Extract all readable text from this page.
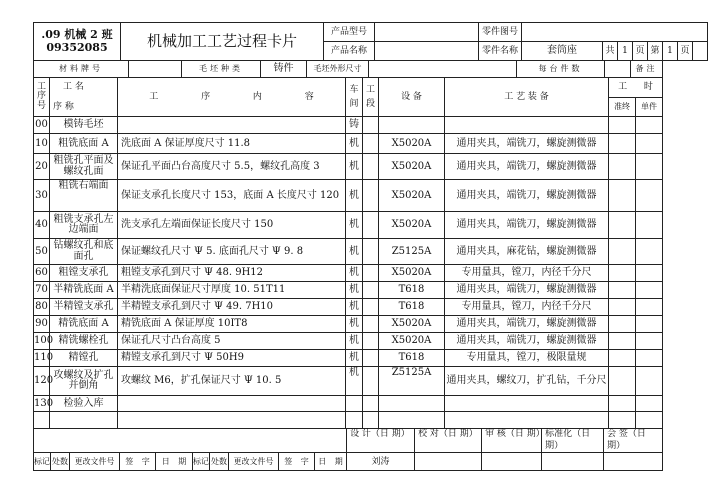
.09 机械 2 班
09352085	机械加工工艺过程卡片	产品型号		零件图号								
		产品名称		零件名称	套筒座	共	1	页	第	1	页	
材料牌号		毛坯种类	铸件	毛坯外形尺寸		每台件数		备注
工序号	工 名
序 称	工 序 内 容	车间	工段	设 备	工 艺 装 备	工 时	
							准终	单件
00	模铸毛坯		铸					
10	粗铣底面 A	洗底面 A 保证厚度尺寸 11.8	机		X5020A	通用夹具，端铣刀，螺旋测微器		
20	粗铣孔平面及螺纹孔面	保证孔平面凸台高度尺寸 5.5，螺纹孔高度 3	机		X5020A	通用夹具，端铣刀，螺旋测微器		
30	粗铣右端面	保证支承孔长度尺寸 153，底面 A 长度尺寸 120	机		X5020A	通用夹具，端铣刀，螺旋测微器		
40	粗铣支承孔左边端面	洗支承孔左端面保证长度尺寸 150	机		X5020A	通用夹具，端铣刀，螺旋测微器		
50	钻螺纹孔和底面孔	保证螺纹孔尺寸 Ψ 5. 底面孔尺寸 Ψ 9. 8	机		Z5125A	通用夹具，麻花钻，螺旋测微器		
60	粗镗支承孔	粗镗支承孔到尺寸 Ψ 48. 9H12	机		X5020A	专用量具，镗刀，内径千分尺		
70	半精铣底面 A	半精洗底面保证尺寸厚度 10. 51T11	机		T618	通用夹具，端铣刀，螺旋测微器		
80	半精镗支承孔	半精镗支承孔到尺寸 Ψ 49. 7H10	机		T618	专用量具，镗刀，内径千分尺		
90	精铣底面 A	精铣底面 A 保证厚度 10IT8	机		X5020A	通用夹具，端铣刀，螺旋测微器		
100	精铣螺栓孔	保证孔尺寸凸台高度 5	机		X5020A	通用夹具，端铣刀，螺旋测微器		
110	精镗孔	精镗支承孔到尺寸 Ψ 50H9	机		T618	专用量具，镗刀，极限量规		
120	攻螺纹及扩孔并倒角	攻螺纹 M6，扩孔保证尺寸 Ψ 10. 5	机		Z5125A	通用夹具，螺纹刀，扩孔钻，千分尺		
130	检验入库							

										设 计（日 期）	校 对（日 期）	审 核（日 期）	标准化（日 期）	会 签（日 期）
标记	处数	更改文件号	签 字	日 期	标记	处数	更改文件号	签 字	日 期	刘涛				
